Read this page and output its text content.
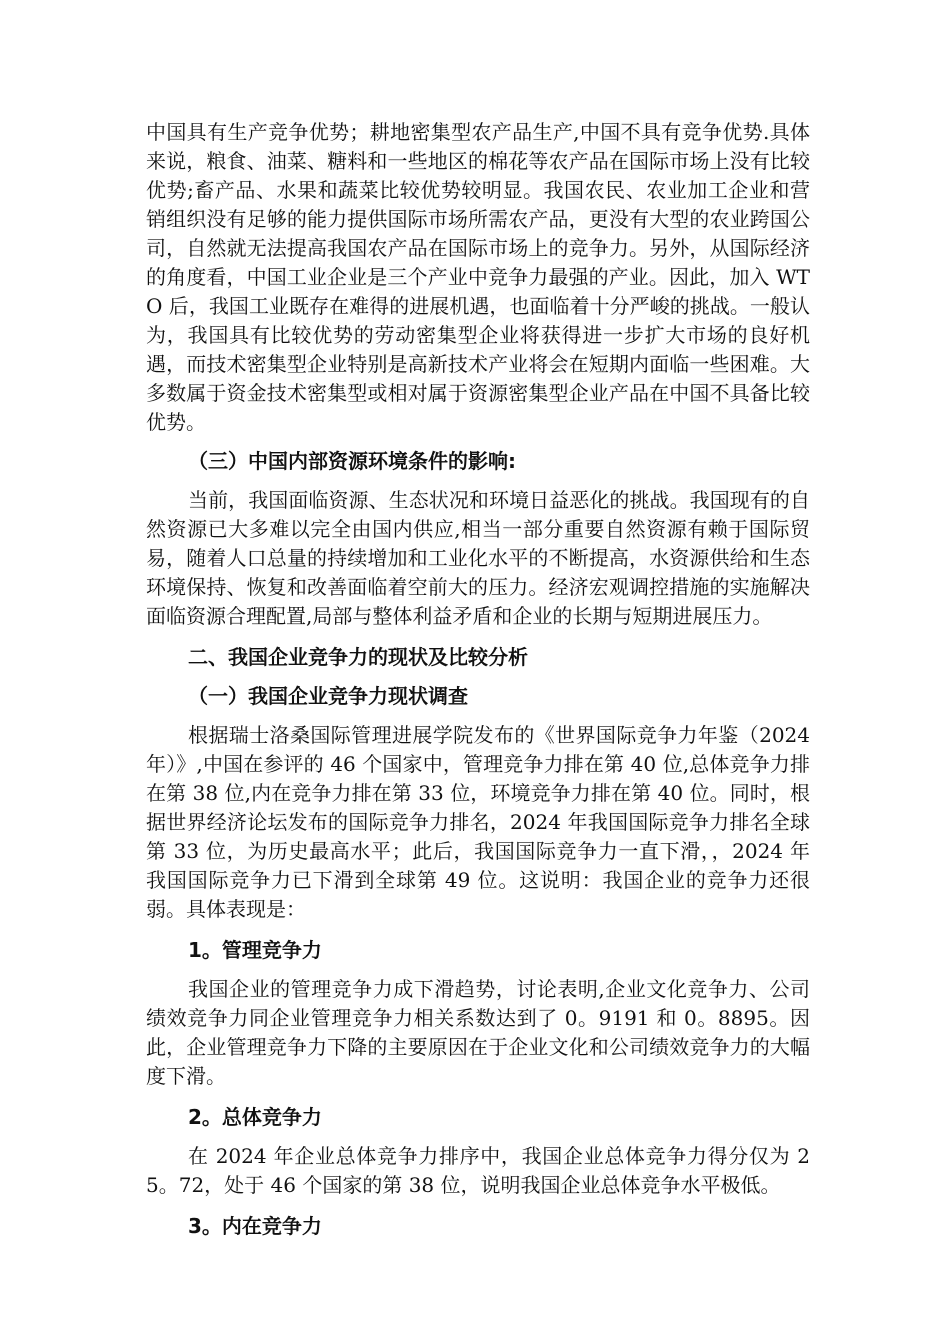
中国具有生产竞争优势；耕地密集型农产品生产,中国不具有竞争优势.具体来说，粮食、油菜、糖料和一些地区的棉花等农产品在国际市场上没有比较优势;畜产品、水果和蔬菜比较优势较明显。我国农民、农业加工企业和营销组织没有足够的能力提供国际市场所需农产品，更没有大型的农业跨国公司，自然就无法提高我国农产品在国际市场上的竞争力。另外，从国际经济的角度看，中国工业企业是三个产业中竞争力最强的产业。因此，加入 WTO 后，我国工业既存在难得的进展机遇，也面临着十分严峻的挑战。一般认为，我国具有比较优势的劳动密集型企业将获得进一步扩大市场的良好机遇，而技术密集型企业特别是高新技术产业将会在短期内面临一些困难。大多数属于资金技术密集型或相对属于资源密集型企业产品在中国不具备比较优势。

（三）中国内部资源环境条件的影响:

当前，我国面临资源、生态状况和环境日益恶化的挑战。我国现有的自然资源已大多难以完全由国内供应,相当一部分重要自然资源有赖于国际贸易，随着人口总量的持续增加和工业化水平的不断提高，水资源供给和生态环境保持、恢复和改善面临着空前大的压力。经济宏观调控措施的实施解决面临资源合理配置,局部与整体利益矛盾和企业的长期与短期进展压力。

二、我国企业竞争力的现状及比较分析
（一）我国企业竞争力现状调查

根据瑞士洛桑国际管理进展学院发布的《世界国际竞争力年鉴（2024 年）》,中国在参评的 46 个国家中，管理竞争力排在第 40 位,总体竞争力排在第 38 位,内在竞争力排在第 33 位，环境竞争力排在第 40 位。同时，根据世界经济论坛发布的国际竞争力排名，2024 年我国国际竞争力排名全球第 33 位，为历史最高水平；此后，我国国际竞争力一直下滑，，2024 年我国国际竞争力已下滑到全球第 49 位。这说明：我国企业的竞争力还很弱。具体表现是：

1。管理竞争力

我国企业的管理竞争力成下滑趋势，讨论表明,企业文化竞争力、公司绩效竞争力同企业管理竞争力相关系数达到了 0。9191 和 0。8895。因此，企业管理竞争力下降的主要原因在于企业文化和公司绩效竞争力的大幅度下滑。

2。总体竞争力

在 2024 年企业总体竞争力排序中，我国企业总体竞争力得分仅为 25。72，处于 46 个国家的第 38 位，说明我国企业总体竞争水平极低。

3。内在竞争力
